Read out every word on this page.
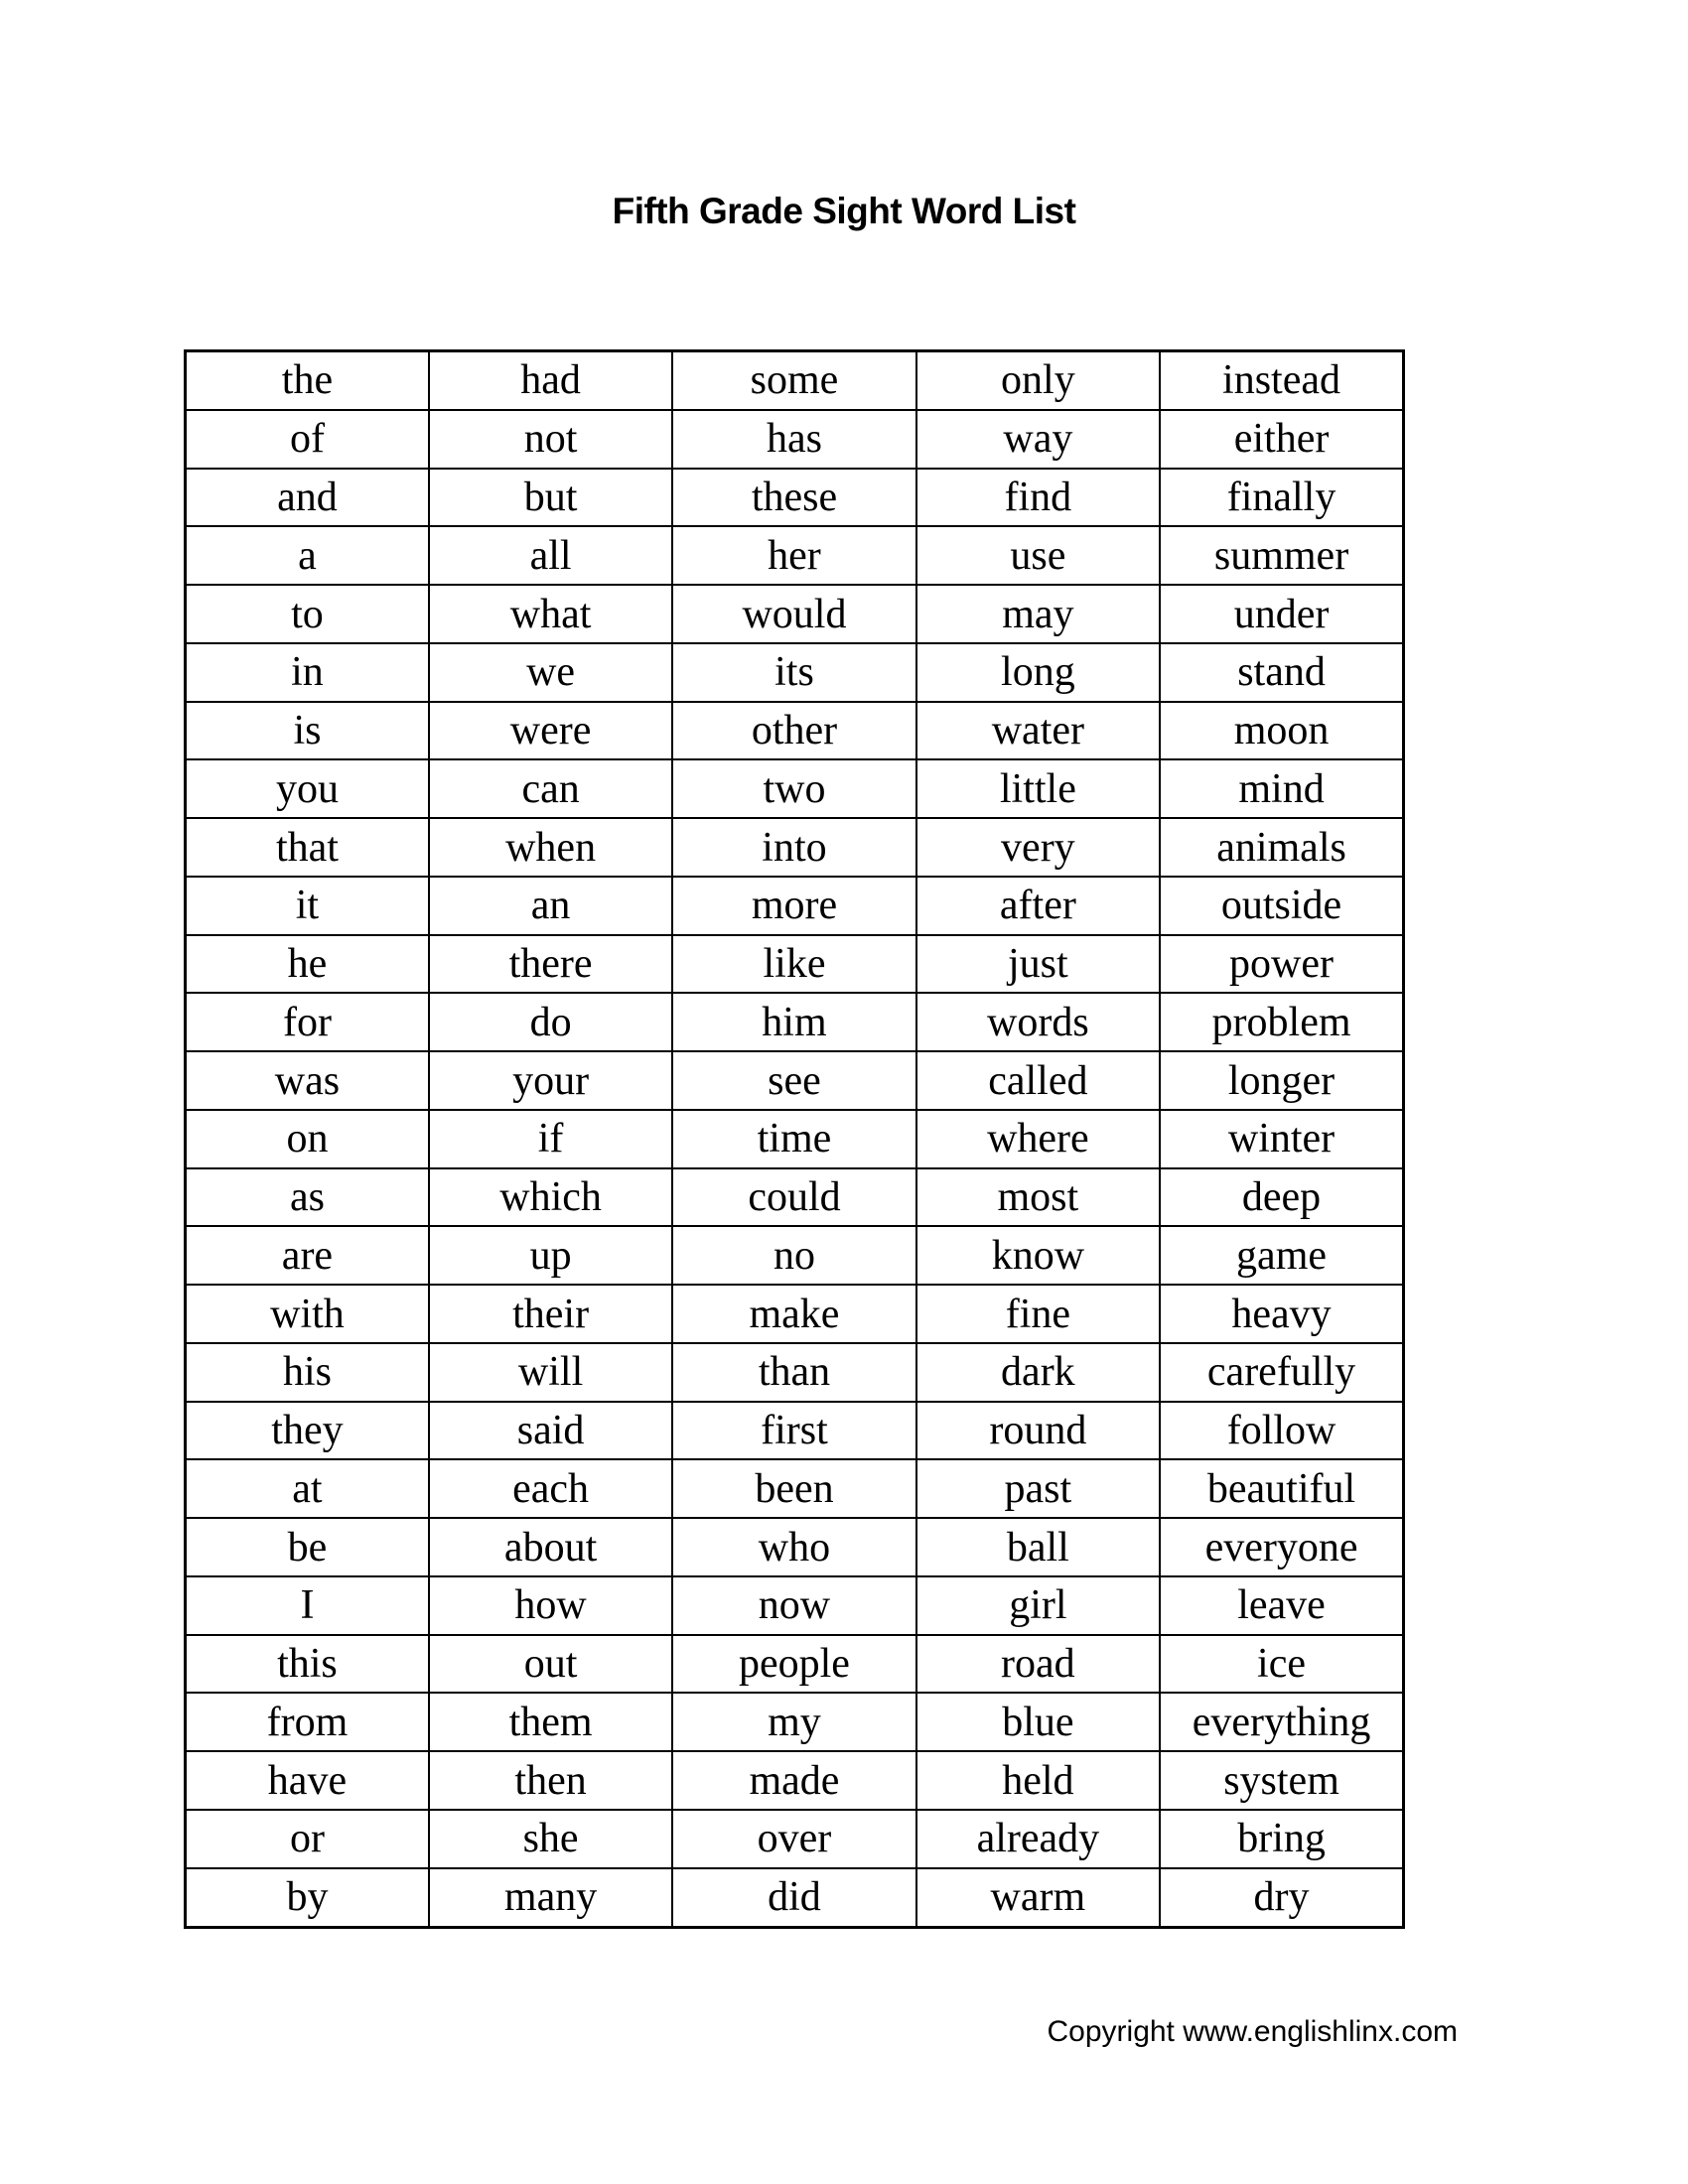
Fifth Grade Sight Word List
the	had	some	only	instead
of	not	has	way	either
and	but	these	find	finally
a	all	her	use	summer
to	what	would	may	under
in	we	its	long	stand
is	were	other	water	moon
you	can	two	little	mind
that	when	into	very	animals
it	an	more	after	outside
he	there	like	just	power
for	do	him	words	problem
was	your	see	called	longer
on	if	time	where	winter
as	which	could	most	deep
are	up	no	know	game
with	their	make	fine	heavy
his	will	than	dark	carefully
they	said	first	round	follow
at	each	been	past	beautiful
be	about	who	ball	everyone
I	how	now	girl	leave
this	out	people	road	ice
from	them	my	blue	everything
have	then	made	held	system
or	she	over	already	bring
by	many	did	warm	dry
Copyright www.englishlinx.com
